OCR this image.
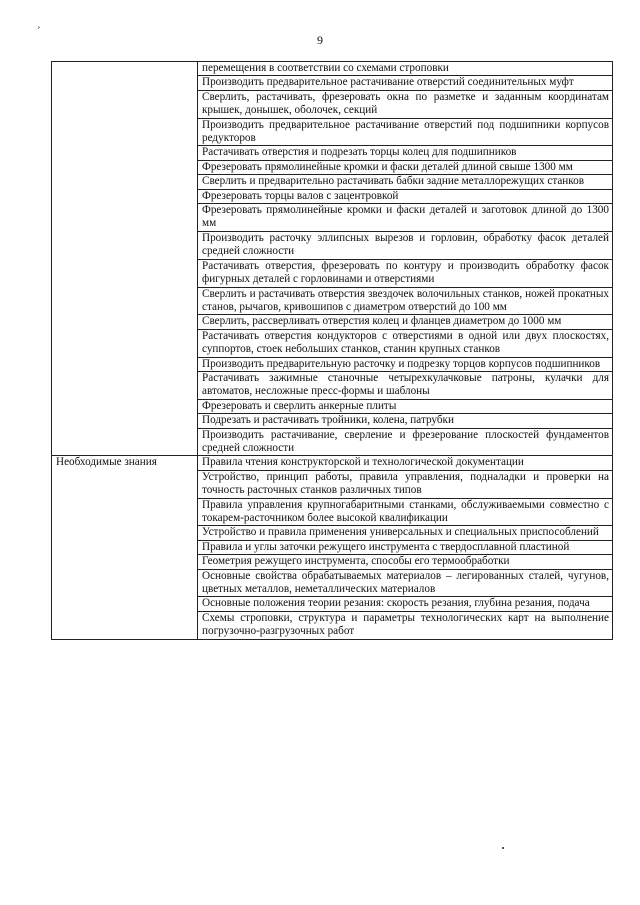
9
¸
	перемещения в соответствии со схемами строповки
	Производить предварительное растачивание отверстий соединительных муфт
	Сверлить, растачивать, фрезеровать окна по разметке и заданным координатам крышек, донышек, оболочек, секций
	Производить предварительное растачивание отверстий под подшипники корпусов редукторов
	Растачивать отверстия и подрезать торцы колец для подшипников
	Фрезеровать прямолинейные кромки и фаски деталей длиной свыше 1300 мм
	Сверлить и предварительно растачивать бабки задние металлорежущих станков
	Фрезеровать торцы валов с зацентровкой
	Фрезеровать прямолинейные кромки и фаски деталей и заготовок длиной до 1300 мм
	Производить расточку эллипсных вырезов и горловин, обработку фасок деталей средней сложности
	Растачивать отверстия, фрезеровать по контуру и производить обработку фасок фигурных деталей с горловинами и отверстиями
	Сверлить и растачивать отверстия звездочек волочильных станков, ножей прокатных станов, рычагов, кривошипов с диаметром отверстий до 100 мм
	Сверлить, рассверливать отверстия колец и фланцев диаметром до 1000 мм
	Растачивать отверстия кондукторов с отверстиями в одной или двух плоскостях, суппортов, стоек небольших станков, станин крупных станков
	Производить предварительную расточку и подрезку торцов корпусов подшипников
	Растачивать зажимные станочные четырехкулачковые патроны, кулачки для автоматов, несложные пресс-формы и шаблоны
	Фрезеровать и сверлить анкерные плиты
	Подрезать и растачивать тройники, колена, патрубки
	Производить растачивание, сверление и фрезерование плоскостей фундаментов средней сложности
Необходимые знания	Правила чтения конструкторской и технологической документации
	Устройство, принцип работы, правила управления, подналадки и проверки на точность расточных станков различных типов
	Правила управления крупногабаритными станками, обслуживаемыми совместно с токарем-расточником более высокой квалификации
	Устройство и правила применения универсальных и специальных приспособлений
	Правила и углы заточки режущего инструмента с твердосплавной пластиной
	Геометрия режущего инструмента, способы его термообработки
	Основные свойства обрабатываемых материалов – легированных сталей, чугунов, цветных металлов, неметаллических материалов
	Основные положения теории резания: скорость резания, глубина резания, подача
	Схемы строповки, структура и параметры технологических карт на выполнение погрузочно-разгрузочных работ
